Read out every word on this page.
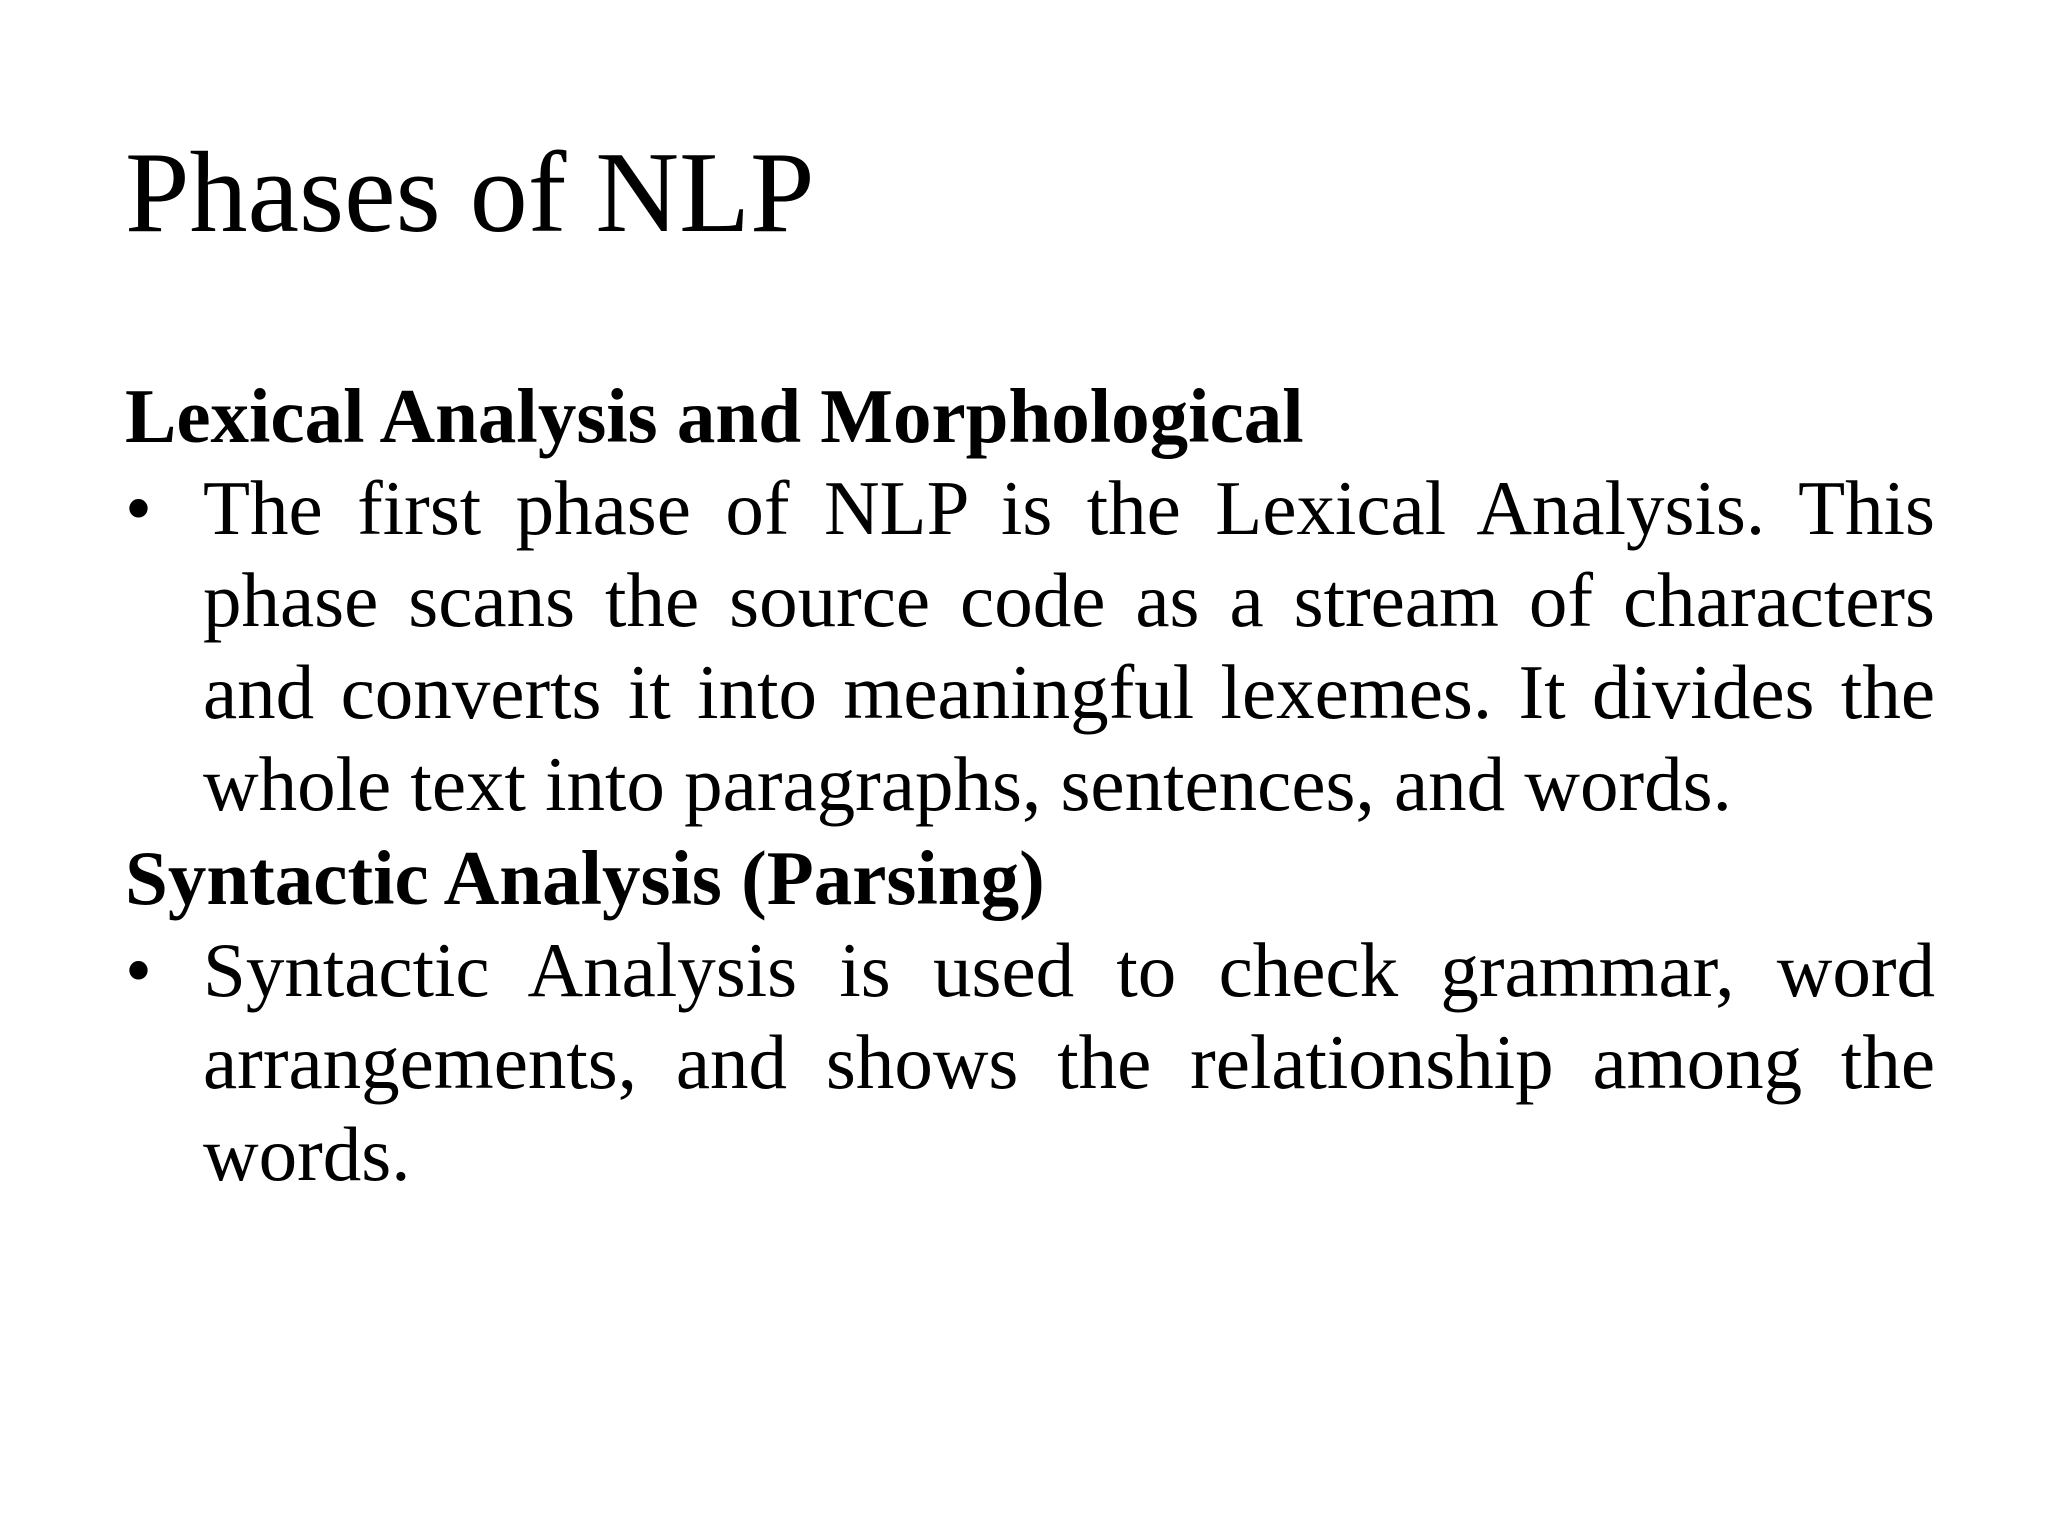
Phases of NLP
Lexical Analysis and Morphological
• The first phase of NLP is the Lexical Analysis. This phase scans the source code as a stream of characters and converts it into meaningful lexemes. It divides the whole text into paragraphs, sentences, and words.

Syntactic Analysis (Parsing)
• Syntactic Analysis is used to check grammar, word arrangements, and shows the relationship among the words.
